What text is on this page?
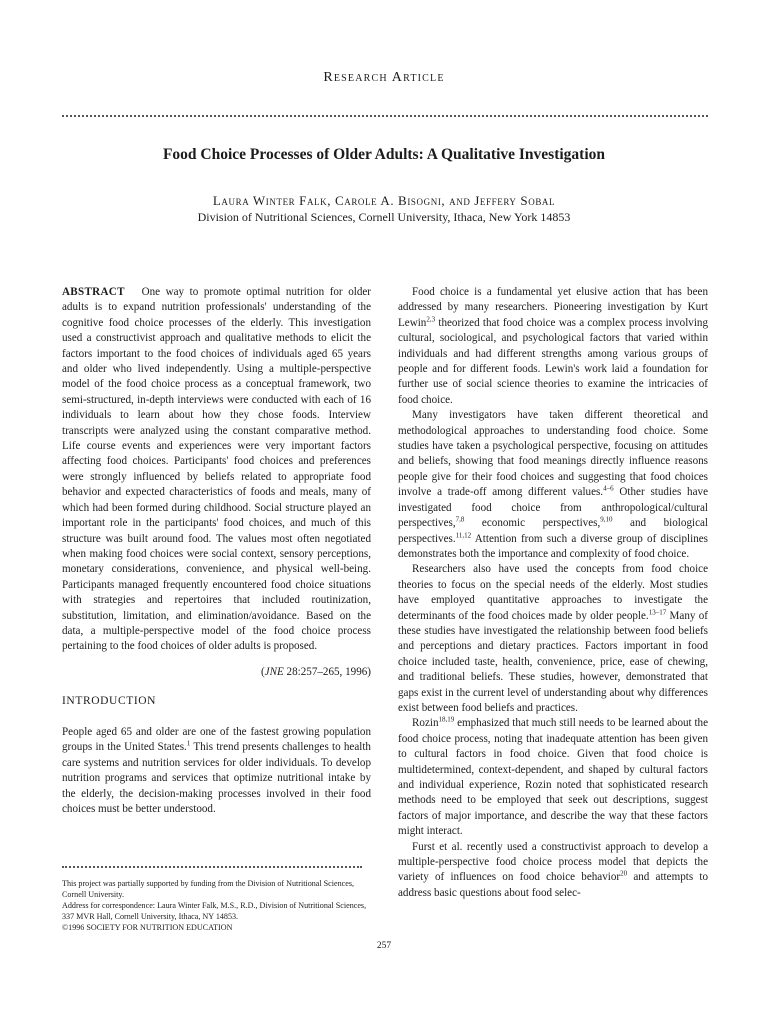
Research Article
Food Choice Processes of Older Adults: A Qualitative Investigation
Laura Winter Falk, Carole A. Bisogni, and Jeffery Sobal
Division of Nutritional Sciences, Cornell University, Ithaca, New York 14853

ABSTRACT One way to promote optimal nutrition for older adults is to expand nutrition professionals' understanding of the cognitive food choice processes of the elderly. This investigation used a constructivist approach and qualitative methods to elicit the factors important to the food choices of individuals aged 65 years and older who lived independently. Using a multiple-perspective model of the food choice process as a conceptual framework, two semi-structured, in-depth interviews were conducted with each of 16 individuals to learn about how they chose foods. Interview transcripts were analyzed using the constant comparative method. Life course events and experiences were very important factors affecting food choices. Participants' food choices and preferences were strongly influenced by beliefs related to appropriate food behavior and expected characteristics of foods and meals, many of which had been formed during childhood. Social structure played an important role in the participants' food choices, and much of this structure was built around food. The values most often negotiated when making food choices were social context, sensory perceptions, monetary considerations, convenience, and physical well-being. Participants managed frequently encountered food choice situations with strategies and repertoires that included routinization, substitution, limitation, and elimination/avoidance. Based on the data, a multiple-perspective model of the food choice process pertaining to the food choices of older adults is proposed.

(JNE 28:257–265, 1996)

INTRODUCTION

People aged 65 and older are one of the fastest growing population groups in the United States.$^1$ This trend presents challenges to health care systems and nutrition services for older individuals. To develop nutrition programs and services that optimize nutritional intake by the elderly, the decision-making processes involved in their food choices must be better understood.

This project was partially supported by funding from the Division of Nutritional Sciences, Cornell University.

Address for correspondence: Laura Winter Falk, M.S., R.D., Division of Nutritional Sciences, 337 MVR Hall, Cornell University, Ithaca, NY 14853.

©1996 SOCIETY FOR NUTRITION EDUCATION

Food choice is a fundamental yet elusive action that has been addressed by many researchers. Pioneering investigation by Kurt Lewin$^{2,3}$ theorized that food choice was a complex process involving cultural, sociological, and psychological factors that varied within individuals and had different strengths among various groups of people and for different foods. Lewin's work laid a foundation for further use of social science theories to examine the intricacies of food choice.

Many investigators have taken different theoretical and methodological approaches to understanding food choice. Some studies have taken a psychological perspective, focusing on attitudes and beliefs, showing that food meanings directly influence reasons people give for their food choices and suggesting that food choices involve a trade-off among different values.$^{4-6}$ Other studies have investigated food choice from anthropological/cultural perspectives,$^{7,8}$ economic perspectives,$^{9,10}$ and biological perspectives.$^{11,12}$ Attention from such a diverse group of disciplines demonstrates both the importance and complexity of food choice.

Researchers also have used the concepts from food choice theories to focus on the special needs of the elderly. Most studies have employed quantitative approaches to investigate the determinants of the food choices made by older people.$^{13-17}$ Many of these studies have investigated the relationship between food beliefs and perceptions and dietary practices. Factors important in food choice included taste, health, convenience, price, ease of chewing, and traditional beliefs. These studies, however, demonstrated that gaps exist in the current level of understanding about why differences exist between food beliefs and practices.

Rozin$^{18,19}$ emphasized that much still needs to be learned about the food choice process, noting that inadequate attention has been given to cultural factors in food choice. Given that food choice is multidetermined, context-dependent, and shaped by cultural factors and individual experience, Rozin noted that sophisticated research methods need to be employed that seek out descriptions, suggest factors of major importance, and describe the way that these factors might interact.

Furst et al. recently used a constructivist approach to develop a multiple-perspective food choice process model that depicts the variety of influences on food choice behavior$^{20}$ and attempts to address basic questions about food selec-

257
